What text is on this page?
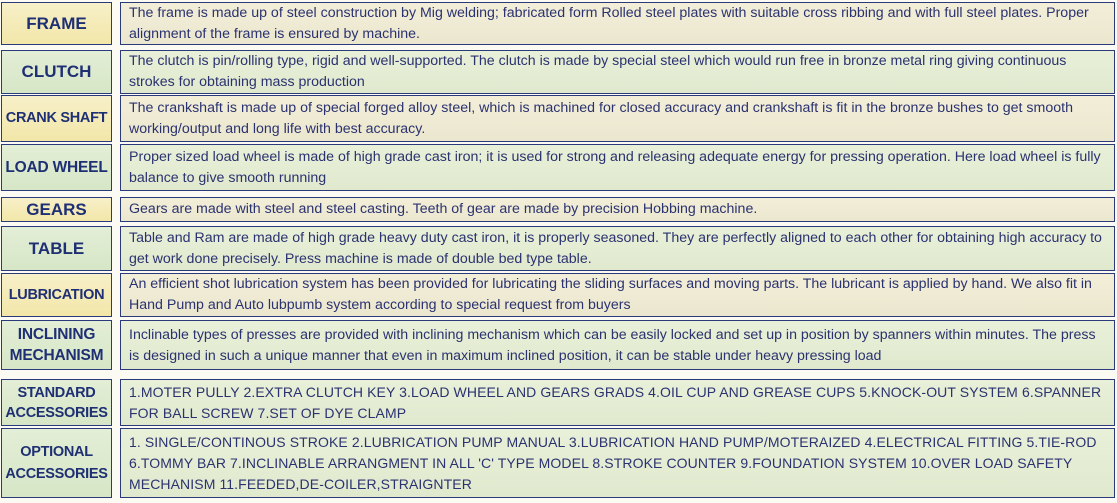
FRAME
The frame is made up of steel construction by Mig welding; fabricated form Rolled steel plates with suitable cross ribbing and with full steel plates. Proper alignment of the frame is ensured by machine.
CLUTCH
The clutch is pin/rolling type, rigid and well-supported. The clutch is made by special steel which would run free in bronze metal ring giving continuous strokes for obtaining mass production
CRANK SHAFT
The crankshaft is made up of special forged alloy steel, which is machined for closed accuracy and crankshaft is fit in the bronze bushes to get smooth working/output and long life with best accuracy.
LOAD WHEEL
Proper sized load wheel is made of high grade cast iron; it is used for strong and releasing adequate energy for pressing operation. Here load wheel is fully balance to give smooth running
GEARS	Gears are made with steel and steel casting. Teeth of gear are made by precision Hobbing machine.
TABLE
Table and Ram are made of high grade heavy duty cast iron, it is properly seasoned. They are perfectly aligned to each other for obtaining high accuracy to get work done precisely. Press machine is made of double bed type table.
LUBRICATION
An efficient shot lubrication system has been provided for lubricating the sliding surfaces and moving parts. The lubricant is applied by hand. We also fit in Hand Pump and Auto lubpumb system according to special request from buyers
INCLINING MECHANISM
Inclinable types of presses are provided with inclining mechanism which can be easily locked and set up in position by spanners within minutes. The press is designed in such a unique manner that even in maximum inclined position, it can be stable under heavy pressing load
STANDARD ACCESSORIES
1.MOTER PULLY 2.EXTRA CLUTCH KEY 3.LOAD WHEEL AND GEARS GRADS 4.OIL CUP AND GREASE CUPS 5.KNOCK-OUT SYSTEM 6.SPANNER FOR BALL SCREW 7.SET OF DYE CLAMP
OPTIONAL ACCESSORIES
1. SINGLE/CONTINOUS STROKE 2.LUBRICATION PUMP MANUAL 3.LUBRICATION HAND PUMP/MOTERAIZED 4.ELECTRICAL FITTING 5.TIE-ROD 6.TOMMY BAR 7.INCLINABLE ARRANGMENT IN ALL 'C' TYPE MODEL 8.STROKE COUNTER 9.FOUNDATION SYSTEM 10.OVER LOAD SAFETY MECHANISM 11.FEEDED,DE-COILER,STRAIGNTER
